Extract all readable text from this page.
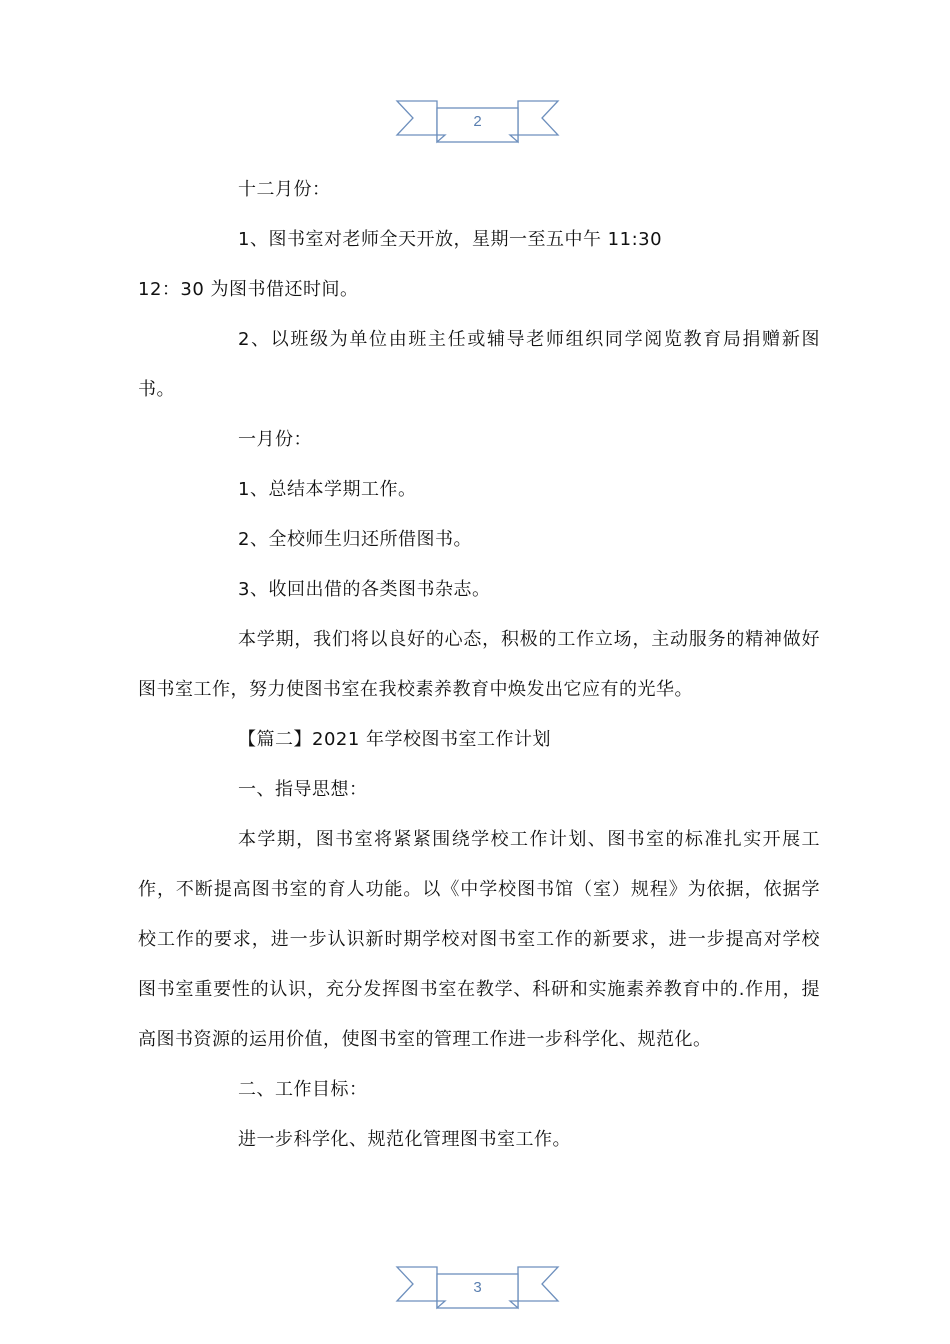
2

十二月份：

1、图书室对老师全天开放，星期一至五中午 11:30

12：30 为图书借还时间。

2、以班级为单位由班主任或辅导老师组织同学阅览教育局捐赠新图书。

一月份：

1、总结本学期工作。

2、全校师生归还所借图书。

3、收回出借的各类图书杂志。

本学期，我们将以良好的心态，积极的工作立场，主动服务的精神做好图书室工作，努力使图书室在我校素养教育中焕发出它应有的光华。

【篇二】2021 年学校图书室工作计划

一、指导思想：

本学期，图书室将紧紧围绕学校工作计划、图书室的标准扎实开展工作，不断提高图书室的育人功能。以《中学校图书馆（室）规程》为依据，依据学校工作的要求，进一步认识新时期学校对图书室工作的新要求，进一步提高对学校图书室重要性的认识，充分发挥图书室在教学、科研和实施素养教育中的.作用，提高图书资源的运用价值，使图书室的管理工作进一步科学化、规范化。

二、工作目标：

进一步科学化、规范化管理图书室工作。

3
